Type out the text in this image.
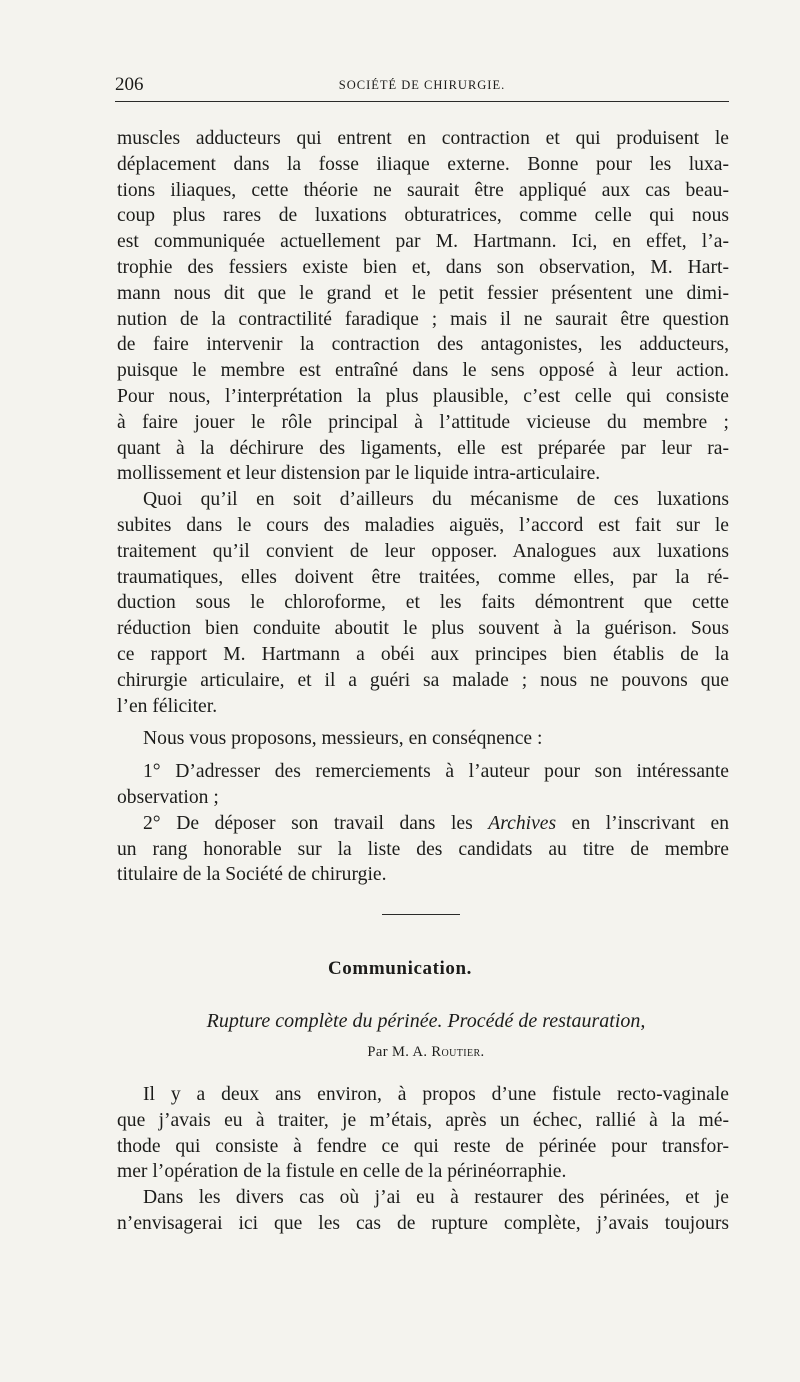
206	SOCIÉTÉ DE CHIRURGIE.
muscles adducteurs qui entrent en contraction et qui produisent le
déplacement dans la fosse iliaque externe. Bonne pour les luxa-
tions iliaques, cette théorie ne saurait être appliqué aux cas beau-
coup plus rares de luxations obturatrices, comme celle qui nous
est communiquée actuellement par M. Hartmann. Ici, en effet, l’a-
trophie des fessiers existe bien et, dans son observation, M. Hart-
mann nous dit que le grand et le petit fessier présentent une dimi-
nution de la contractilité faradique ; mais il ne saurait être question
de faire intervenir la contraction des antagonistes, les adducteurs,
puisque le membre est entraîné dans le sens opposé à leur action.
Pour nous, l’interprétation la plus plausible, c’est celle qui consiste
à faire jouer le rôle principal à l’attitude vicieuse du membre ;
quant à la déchirure des ligaments, elle est préparée par leur ra-
mollissement et leur distension par le liquide intra-articulaire.
Quoi qu’il en soit d’ailleurs du mécanisme de ces luxations
subites dans le cours des maladies aiguës, l’accord est fait sur le
traitement qu’il convient de leur opposer. Analogues aux luxations
traumatiques, elles doivent être traitées, comme elles, par la ré-
duction sous le chloroforme, et les faits démontrent que cette
réduction bien conduite aboutit le plus souvent à la guérison. Sous
ce rapport M. Hartmann a obéi aux principes bien établis de la
chirurgie articulaire, et il a guéri sa malade ; nous ne pouvons que
l’en féliciter.
Nous vous proposons, messieurs, en conséqnence :
1° D’adresser des remerciements à l’auteur pour son intéressante
observation ;
2° De déposer son travail dans les Archives en l’inscrivant en
un rang honorable sur la liste des candidats au titre de membre
titulaire de la Société de chirurgie.
Communication.
Rupture complète du périnée. Procédé de restauration,
Par M. A. Routier.
Il y a deux ans environ, à propos d’une fistule recto-vaginale
que j’avais eu à traiter, je m’étais, après un échec, rallié à la mé-
thode qui consiste à fendre ce qui reste de périnée pour transfor-
mer l’opération de la fistule en celle de la périnéorraphie.
Dans les divers cas où j’ai eu à restaurer des périnées, et je
n’envisagerai ici que les cas de rupture complète, j’avais toujours
